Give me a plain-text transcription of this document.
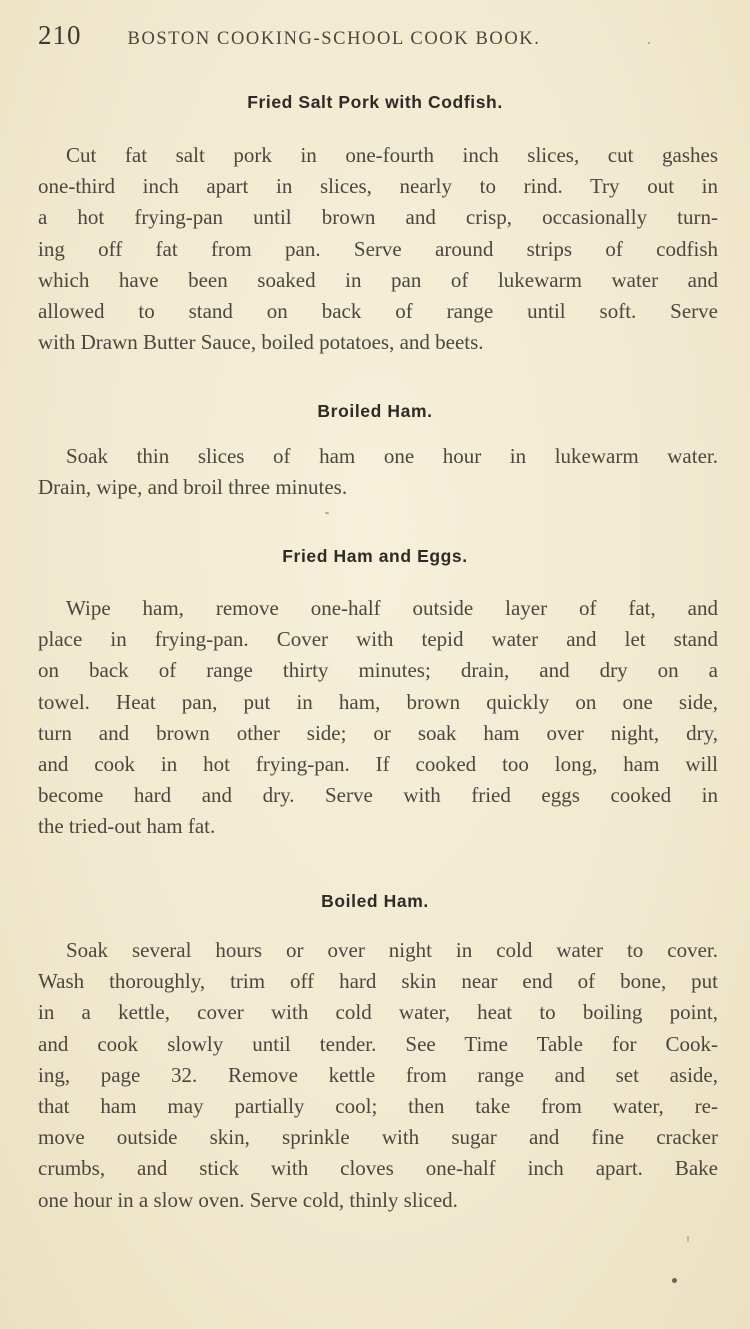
210 BOSTON COOKING-SCHOOL COOK BOOK.
Fried Salt Pork with Codfish.
Cut fat salt pork in one-fourth inch slices, cut gashes
one-third inch apart in slices, nearly to rind. Try out in
a hot frying-pan until brown and crisp, occasionally turn-
ing off fat from pan. Serve around strips of codfish
which have been soaked in pan of lukewarm water and
allowed to stand on back of range until soft. Serve
with Drawn Butter Sauce, boiled potatoes, and beets.
Broiled Ham.
Soak thin slices of ham one hour in lukewarm water.
Drain, wipe, and broil three minutes.
Fried Ham and Eggs.
Wipe ham, remove one-half outside layer of fat, and
place in frying-pan. Cover with tepid water and let stand
on back of range thirty minutes; drain, and dry on a
towel. Heat pan, put in ham, brown quickly on one side,
turn and brown other side; or soak ham over night, dry,
and cook in hot frying-pan. If cooked too long, ham will
become hard and dry. Serve with fried eggs cooked in
the tried-out ham fat.
Boiled Ham.
Soak several hours or over night in cold water to cover.
Wash thoroughly, trim off hard skin near end of bone, put
in a kettle, cover with cold water, heat to boiling point,
and cook slowly until tender. See Time Table for Cook-
ing, page 32. Remove kettle from range and set aside,
that ham may partially cool; then take from water, re-
move outside skin, sprinkle with sugar and fine cracker
crumbs, and stick with cloves one-half inch apart. Bake
one hour in a slow oven. Serve cold, thinly sliced.
